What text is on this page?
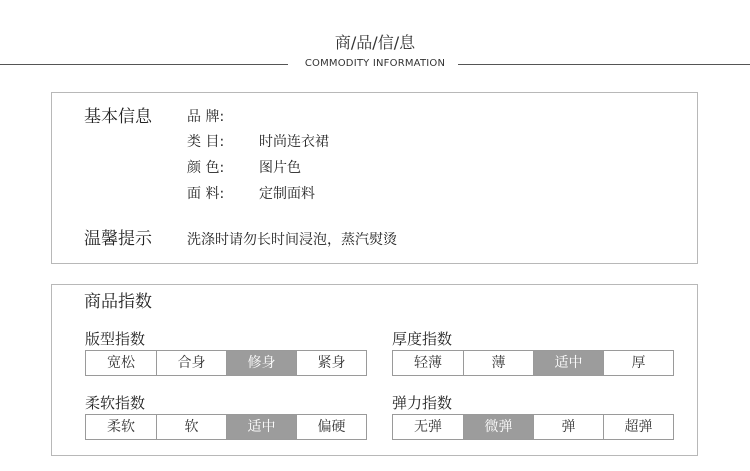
商/品/信/息
COMMODITY INFORMATION
基本信息	品 牌:
类 目: 时尚连衣裙
颜 色: 图片色
面 料: 定制面料
温馨提示	洗涤时请勿长时间浸泡，蒸汽熨烫
商品指数
版型指数
宽松	合身	修身	紧身
厚度指数
轻薄	薄	适中	厚
柔软指数
柔软	软	适中	偏硬
弹力指数
无弹	微弹	弹	超弹
